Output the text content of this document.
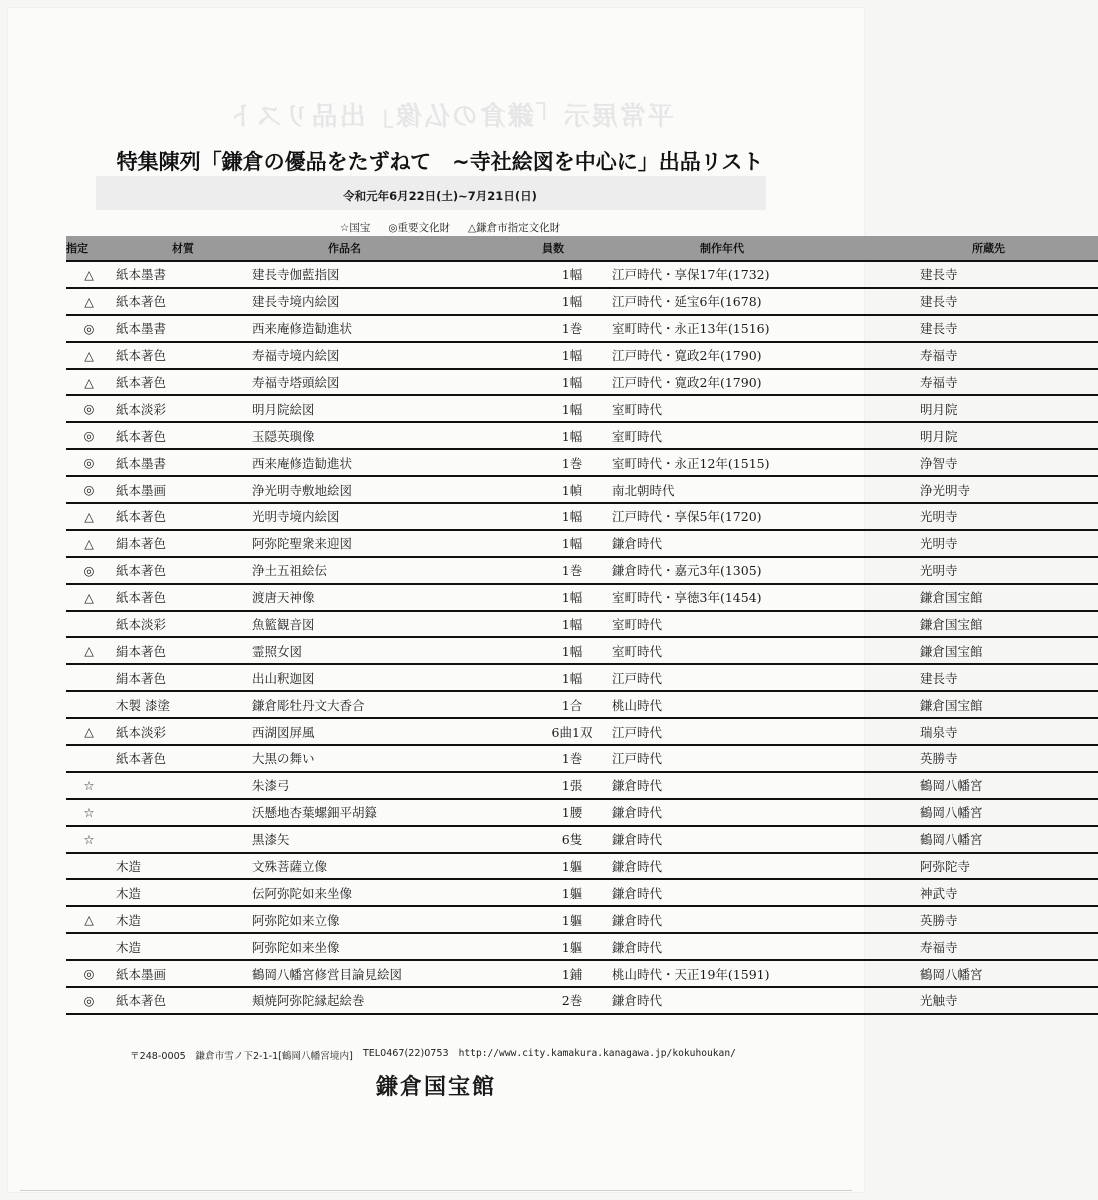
平常展示「鎌倉の仏像」出品リスト
特集陳列「鎌倉の優品をたずねて　~寺社絵図を中心に」出品リスト
令和元年6月22日(土)~7月21日(日)
☆国宝 ◎重要文化財 △鎌倉市指定文化財
指定	材質	作品名	員数	制作年代	所蔵先
△	紙本墨書	建長寺伽藍指図	1幅	江戸時代・享保17年(1732)	建長寺
△	紙本著色	建長寺境内絵図	1幅	江戸時代・延宝6年(1678)	建長寺
◎	紙本墨書	西来庵修造勧進状	1巻	室町時代・永正13年(1516)	建長寺
△	紙本著色	寿福寺境内絵図	1幅	江戸時代・寛政2年(1790)	寿福寺
△	紙本著色	寿福寺塔頭絵図	1幅	江戸時代・寛政2年(1790)	寿福寺
◎	紙本淡彩	明月院絵図	1幅	室町時代	明月院
◎	紙本著色	玉隠英璵像	1幅	室町時代	明月院
◎	紙本墨書	西来庵修造勧進状	1巻	室町時代・永正12年(1515)	浄智寺
◎	紙本墨画	浄光明寺敷地絵図	1幀	南北朝時代	浄光明寺
△	紙本著色	光明寺境内絵図	1幅	江戸時代・享保5年(1720)	光明寺
△	絹本著色	阿弥陀聖衆来迎図	1幅	鎌倉時代	光明寺
◎	紙本著色	浄土五祖絵伝	1巻	鎌倉時代・嘉元3年(1305)	光明寺
△	紙本著色	渡唐天神像	1幅	室町時代・享徳3年(1454)	鎌倉国宝館
	紙本淡彩	魚籃観音図	1幅	室町時代	鎌倉国宝館
△	絹本著色	霊照女図	1幅	室町時代	鎌倉国宝館
	絹本著色	出山釈迦図	1幅	江戸時代	建長寺
	木製 漆塗	鎌倉彫牡丹文大香合	1合	桃山時代	鎌倉国宝館
△	紙本淡彩	西湖図屏風	6曲1双	江戸時代	瑞泉寺
	紙本著色	大黒の舞い	1巻	江戸時代	英勝寺
☆		朱漆弓	1張	鎌倉時代	鶴岡八幡宮
☆		沃懸地杏葉螺鈿平胡籙	1腰	鎌倉時代	鶴岡八幡宮
☆		黒漆矢	6隻	鎌倉時代	鶴岡八幡宮
	木造	文殊菩薩立像	1軀	鎌倉時代	阿弥陀寺
	木造	伝阿弥陀如来坐像	1軀	鎌倉時代	神武寺
△	木造	阿弥陀如来立像	1軀	鎌倉時代	英勝寺
	木造	阿弥陀如来坐像	1軀	鎌倉時代	寿福寺
◎	紙本墨画	鶴岡八幡宮修営目論見絵図	1鋪	桃山時代・天正19年(1591)	鶴岡八幡宮
◎	紙本著色	頬焼阿弥陀縁起絵巻	2巻	鎌倉時代	光触寺
〒248-0005　鎌倉市雪ノ下2-1-1[鶴岡八幡宮境内] TEL0467(22)0753 http://www.city.kamakura.kanagawa.jp/kokuhoukan/
鎌倉国宝館
